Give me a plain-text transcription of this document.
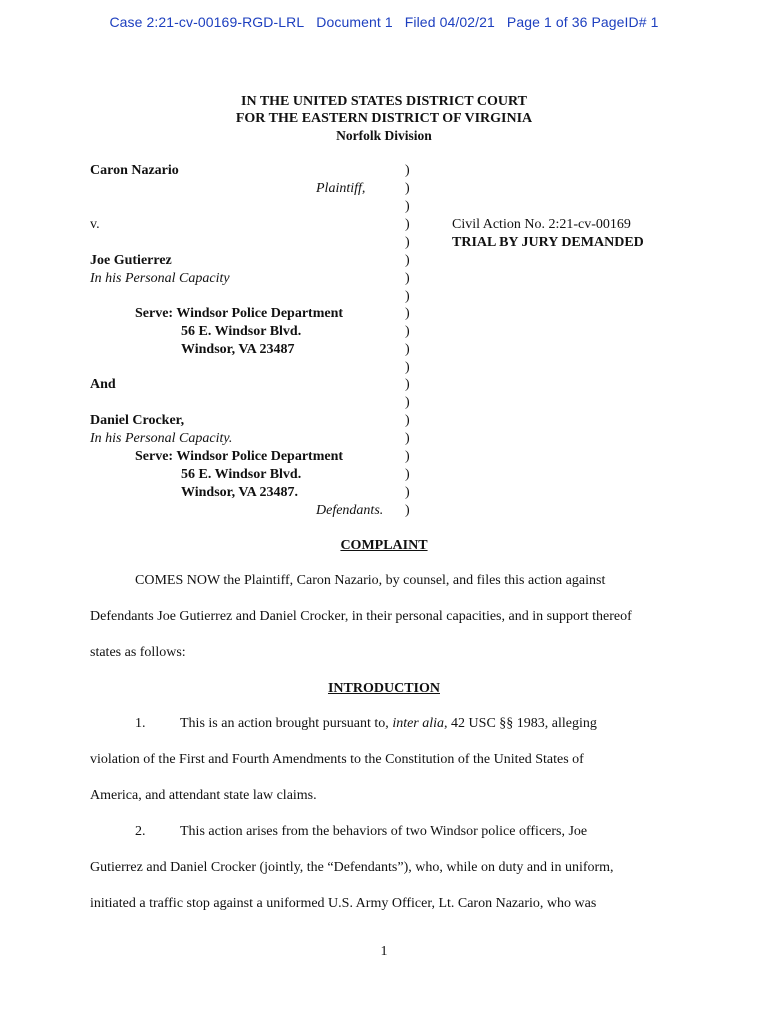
Case 2:21-cv-00169-RGD-LRL Document 1 Filed 04/02/21 Page 1 of 36 PageID# 1
IN THE UNITED STATES DISTRICT COURT
FOR THE EASTERN DISTRICT OF VIRGINIA
Norfolk Division
Caron Nazario
Plaintiff,
v.
Joe Gutierrez
In his Personal Capacity
Serve: Windsor Police Department
56 E. Windsor Blvd.
Windsor, VA 23487
And
Daniel Crocker,
In his Personal Capacity.
Serve: Windsor Police Department
56 E. Windsor Blvd.
Windsor, VA 23487.
Defendants.
)
)
)
)
)
)
)
)
)
)
)
)
)
)
)
)
)
)
)
)
Civil Action No. 2:21-cv-00169
TRIAL BY JURY DEMANDED
COMPLAINT
COMES NOW the Plaintiff, Caron Nazario, by counsel, and files this action against
Defendants Joe Gutierrez and Daniel Crocker, in their personal capacities, and in support thereof
states as follows:
INTRODUCTION
1. This is an action brought pursuant to, inter alia, 42 USC §§ 1983, alleging
violation of the First and Fourth Amendments to the Constitution of the United States of
America, and attendant state law claims.
2. This action arises from the behaviors of two Windsor police officers, Joe
Gutierrez and Daniel Crocker (jointly, the “Defendants”), who, while on duty and in uniform,
initiated a traffic stop against a uniformed U.S. Army Officer, Lt. Caron Nazario, who was
1
